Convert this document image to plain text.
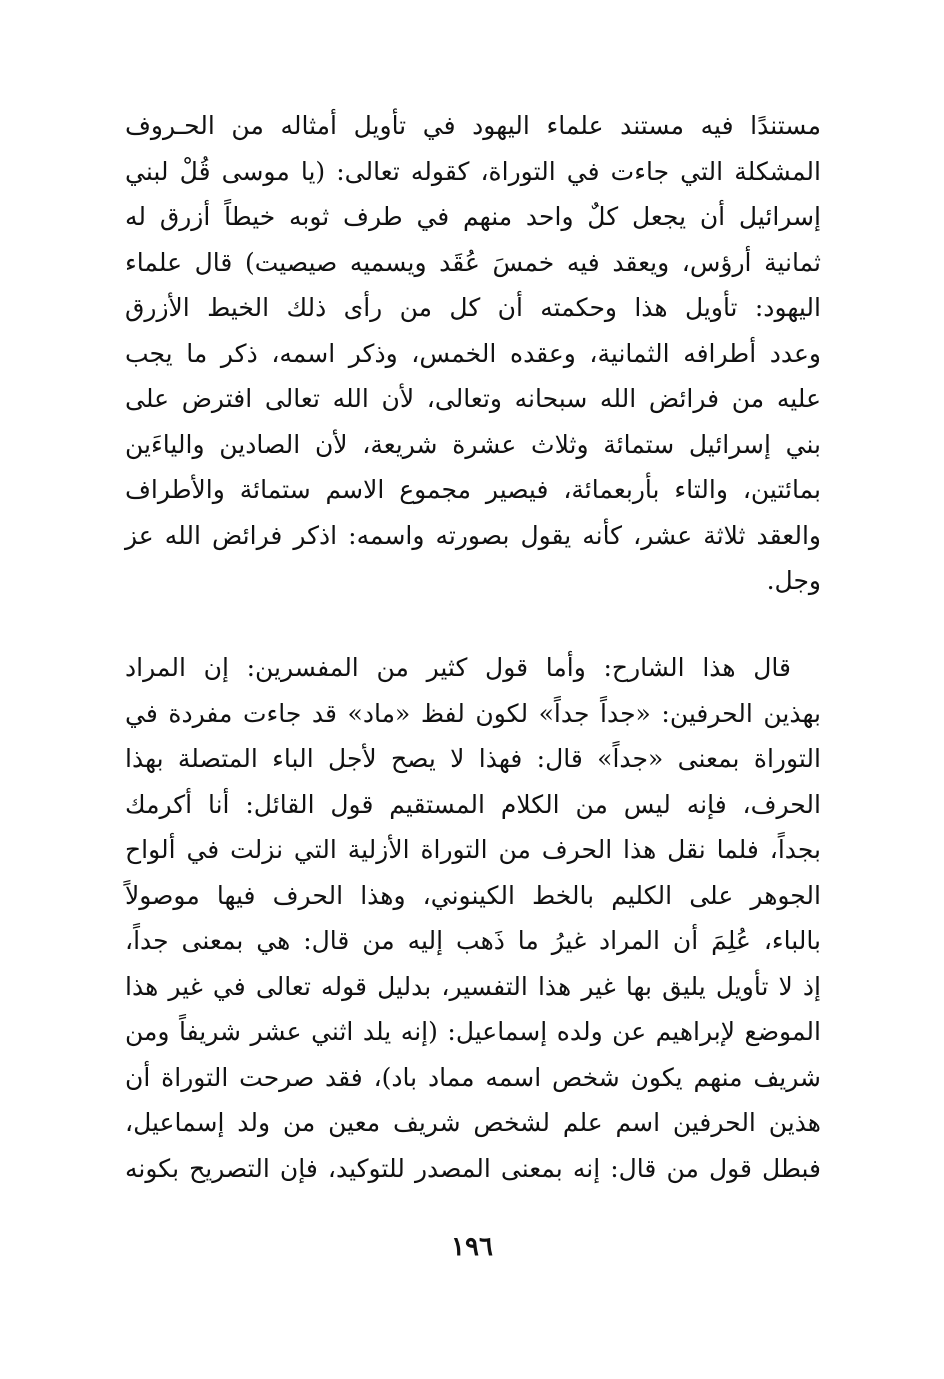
مستندًا فيه مستند علماء اليهود في تأويل أمثاله من الحـروف
المشكلة التي جاءت في التوراة، كقوله تعالى: (يا موسى قُلْ لبني
إسرائيل أن يجعل كلٌ واحد منهم في طرف ثوبه خيطاً أزرق له
ثمانية أرؤس، ويعقد فيه خمسَ عُقَد ويسميه صيصيت) قال علماء
اليهود: تأويل هذا وحكمته أن كل من رأى ذلك الخيط الأزرق
وعدد أطرافه الثمانية، وعقده الخمس، وذكر اسمه، ذكر ما يجب
عليه من فرائض الله سبحانه وتعالى، لأن الله تعالى افترض على
بني إسرائيل ستمائة وثلاث عشرة شريعة، لأن الصادين والياءَين
بمائتين، والتاء بأربعمائة، فيصير مجموع الاسم ستمائة والأطراف
والعقد ثلاثة عشر، كأنه يقول بصورته واسمه: اذكر فرائض الله عز
وجل.
قال هذا الشارح: وأما قول كثير من المفسرين: إن المراد
بهذين الحرفين: «جداً جداً» لكون لفظ «ماد» قد جاءت مفردة في
التوراة بمعنى «جداً» قال: فهذا لا يصح لأجل الباء المتصلة بهذا
الحرف، فإنه ليس من الكلام المستقيم قول القائل: أنا أكرمك
بجداً، فلما نقل هذا الحرف من التوراة الأزلية التي نزلت في ألواح
الجوهر على الكليم بالخط الكينوني، وهذا الحرف فيها موصولاً
بالباء، عُلِمَ أن المراد غيرُ ما ذَهب إليه من قال: هي بمعنى جداً،
إذ لا تأويل يليق بها غير هذا التفسير، بدليل قوله تعالى في غير هذا
الموضع لإبراهيم عن ولده إسماعيل: (إنه يلد اثني عشر شريفاً ومن
شريف منهم يكون شخص اسمه مماد باد)، فقد صرحت التوراة أن
هذين الحرفين اسم علم لشخص شريف معين من ولد إسماعيل،
فبطل قول من قال: إنه بمعنى المصدر للتوكيد، فإن التصريح بكونه
١٩٦
